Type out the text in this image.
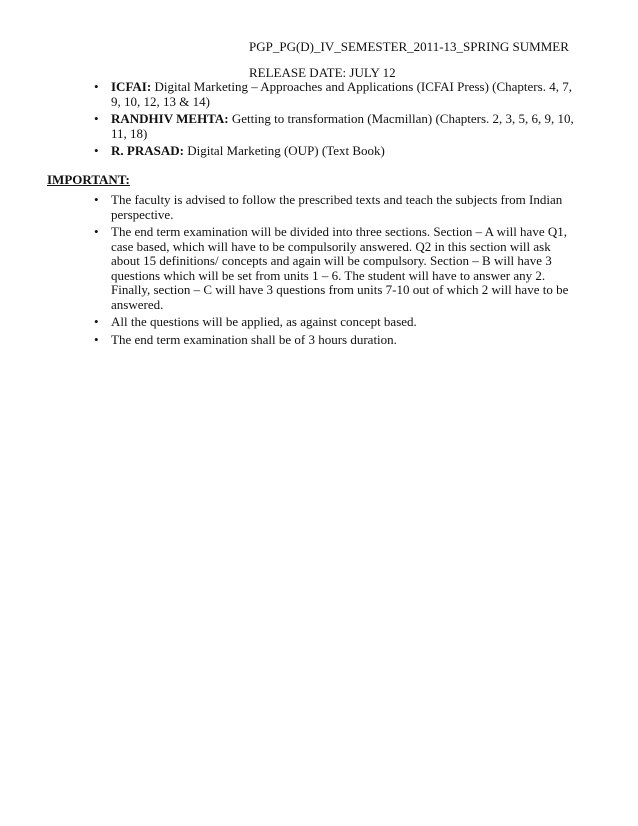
PGP_PG(D)_IV_SEMESTER_2011-13_SPRING SUMMER
RELEASE DATE: JULY 12
• ICFAI: Digital Marketing – Approaches and Applications (ICFAI Press) (Chapters. 4, 7,
9, 10, 12, 13 & 14)
• RANDHIV MEHTA: Getting to transformation (Macmillan) (Chapters. 2, 3, 5, 6, 9, 10,
11, 18)
• R. PRASAD: Digital Marketing (OUP) (Text Book)
IMPORTANT:
• The faculty is advised to follow the prescribed texts and teach the subjects from Indian
perspective.
• The end term examination will be divided into three sections. Section – A will have Q1,
case based, which will have to be compulsorily answered. Q2 in this section will ask
about 15 definitions/ concepts and again will be compulsory. Section – B will have 3
questions which will be set from units 1 – 6. The student will have to answer any 2.
Finally, section – C will have 3 questions from units 7-10 out of which 2 will have to be
answered.
• All the questions will be applied, as against concept based.
• The end term examination shall be of 3 hours duration.
